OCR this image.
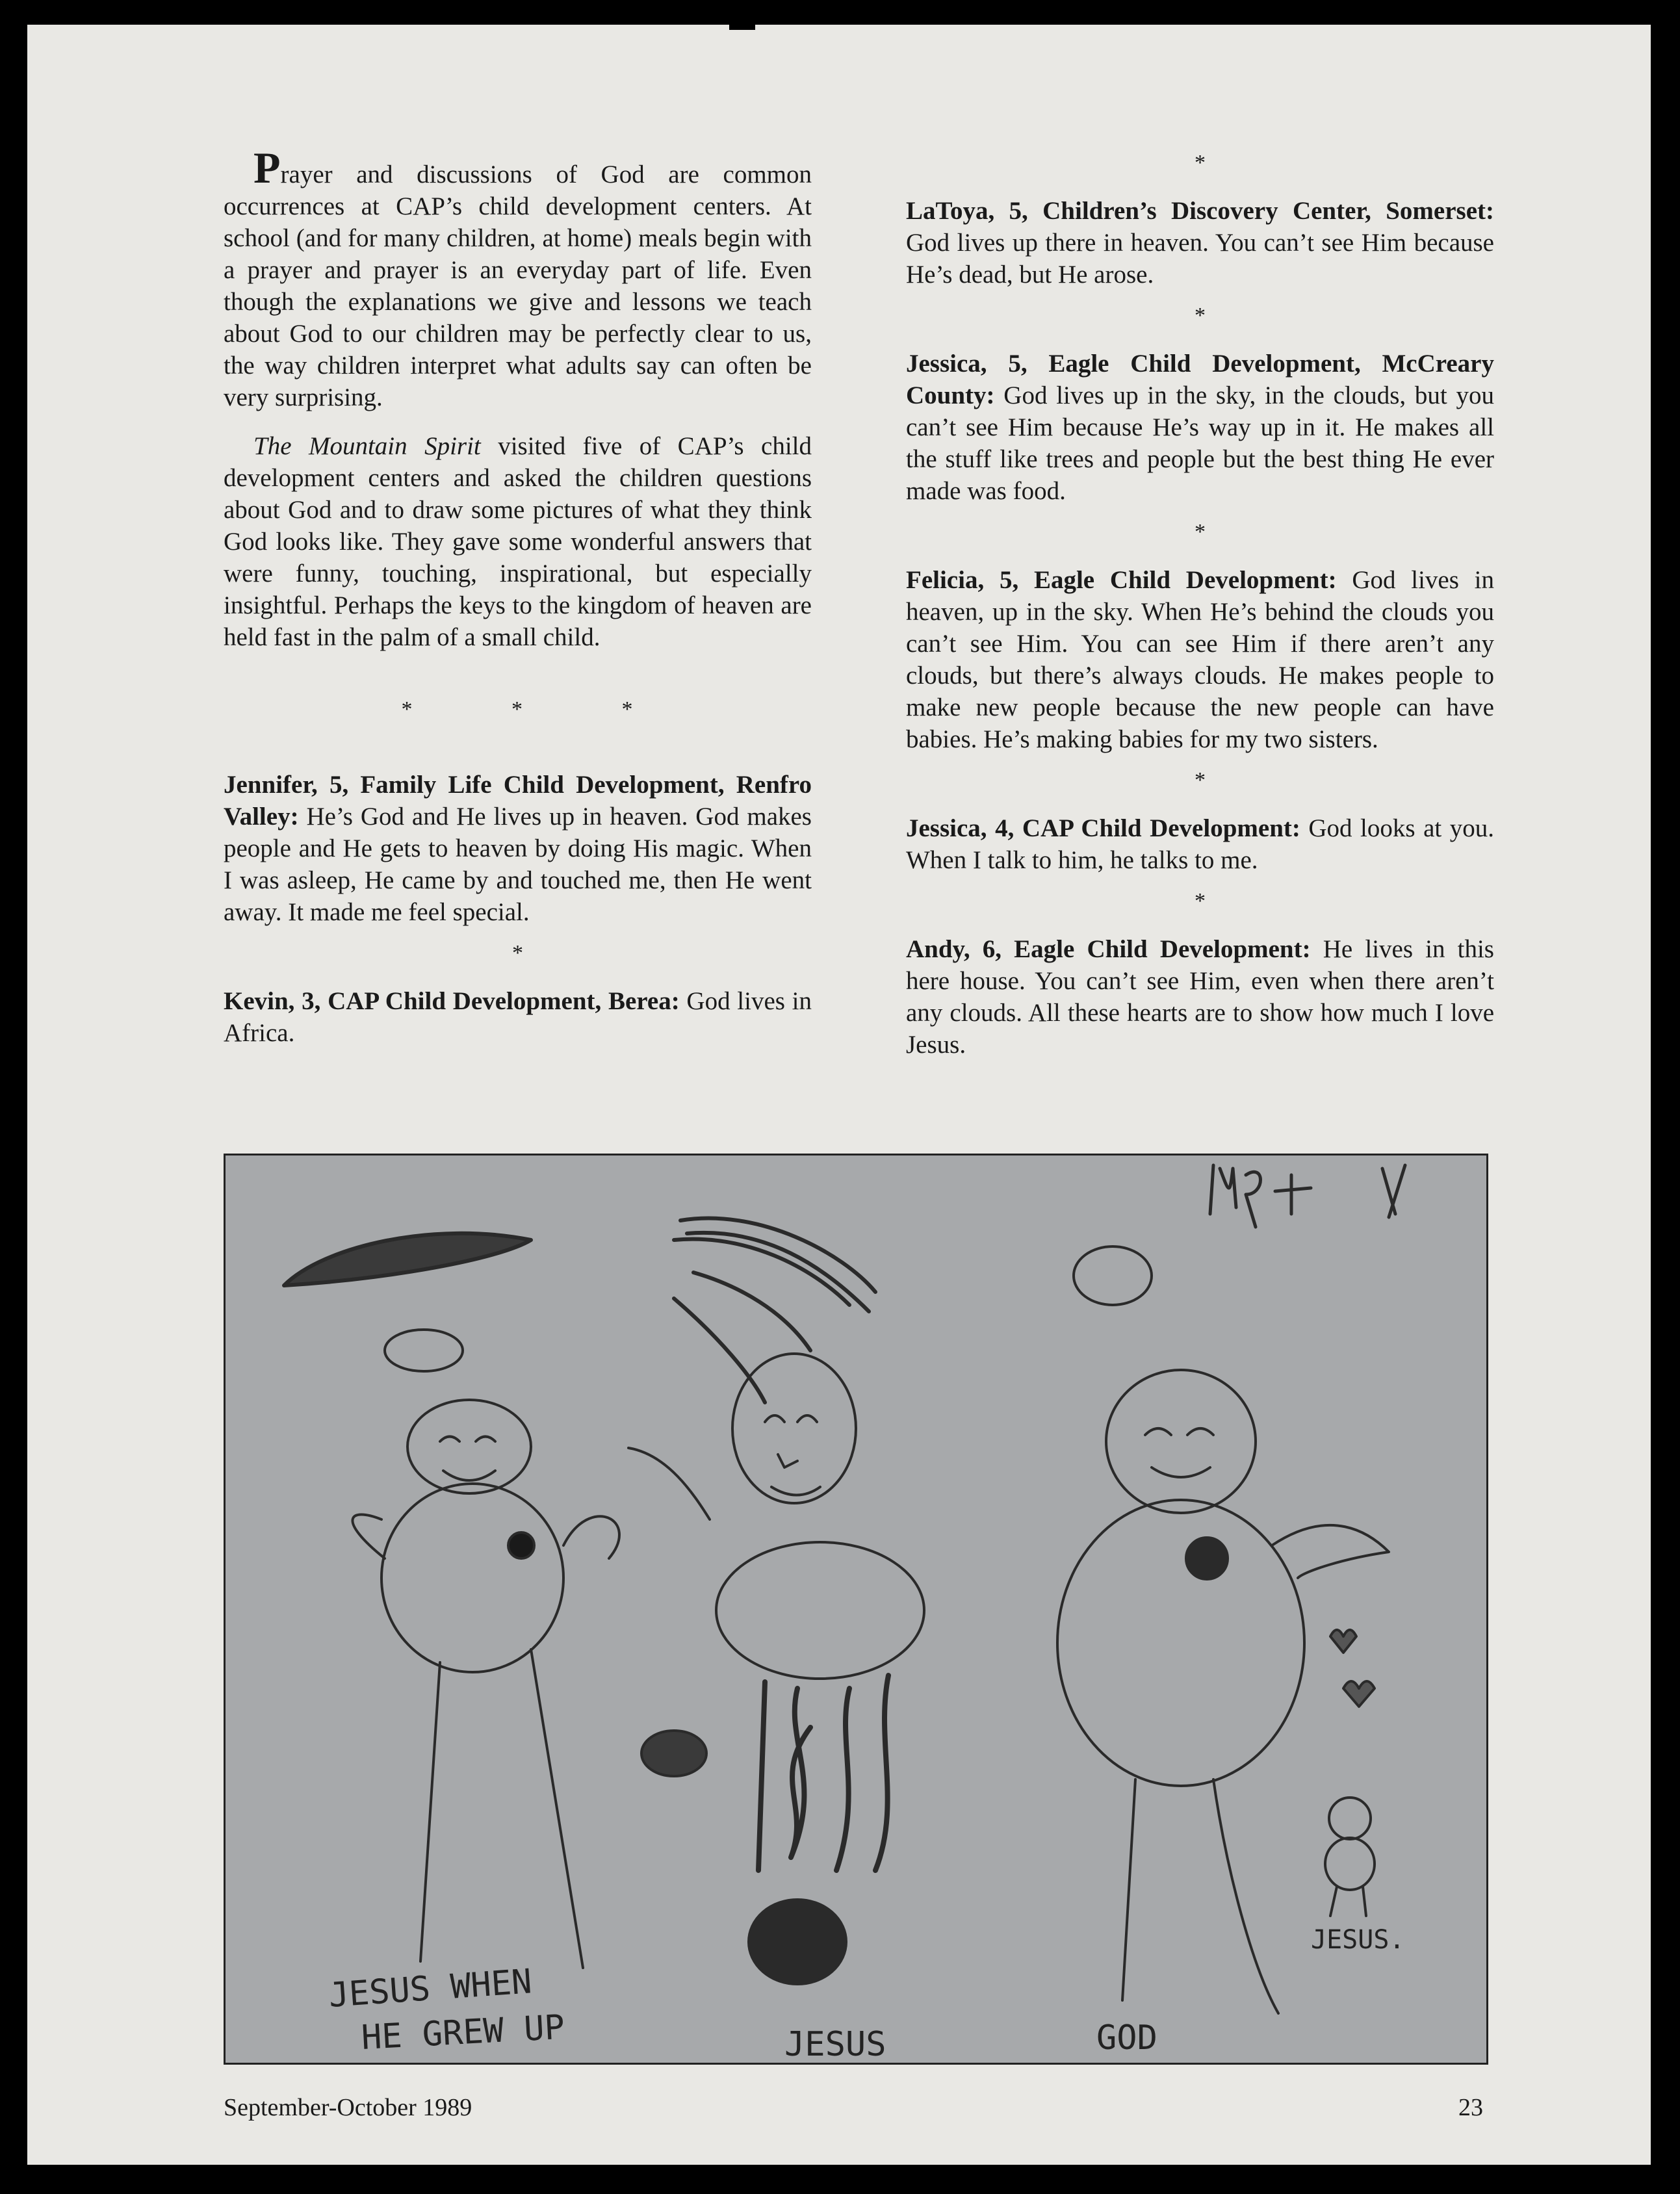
Prayer and discussions of God are common occurrences at CAP’s child development centers. At school (and for many children, at home) meals begin with a prayer and prayer is an everyday part of life. Even though the explanations we give and lessons we teach about God to our children may be perfectly clear to us, the way children interpret what adults say can often be very surprising.

The Mountain Spirit visited five of CAP’s child development centers and asked the children questions about God and to draw some pictures of what they think God looks like. They gave some wonderful answers that were funny, touching, inspirational, but especially insightful. Perhaps the keys to the kingdom of heaven are held fast in the palm of a small child.

* * *

Jennifer, 5, Family Life Child Development, Renfro Valley: He’s God and He lives up in heaven. God makes people and He gets to heaven by doing His magic. When I was asleep, He came by and touched me, then He went away. It made me feel special.

*

Kevin, 3, CAP Child Development, Berea: God lives in Africa.

*

LaToya, 5, Children’s Discovery Center, Somerset: God lives up there in heaven. You can’t see Him because He’s dead, but He arose.

*

Jessica, 5, Eagle Child Development, McCreary County: God lives up in the sky, in the clouds, but you can’t see Him because He’s way up in it. He makes all the stuff like trees and people but the best thing He ever made was food.

*

Felicia, 5, Eagle Child Development: God lives in heaven, up in the sky. When He’s behind the clouds you can’t see Him. You can see Him if there aren’t any clouds, but there’s always clouds. He makes people to make new people because the new people can have babies. He’s making babies for my two sisters.

*

Jessica, 4, CAP Child Development: God looks at you. When I talk to him, he talks to me.

*

Andy, 6, Eagle Child Development: He lives in this here house. You can’t see Him, even when there aren’t any clouds. All these hearts are to show how much I love Jesus.

JESUS WHEN
HE GREW UP	JESUS	GOD
JESUS.
September-October 1989	23
